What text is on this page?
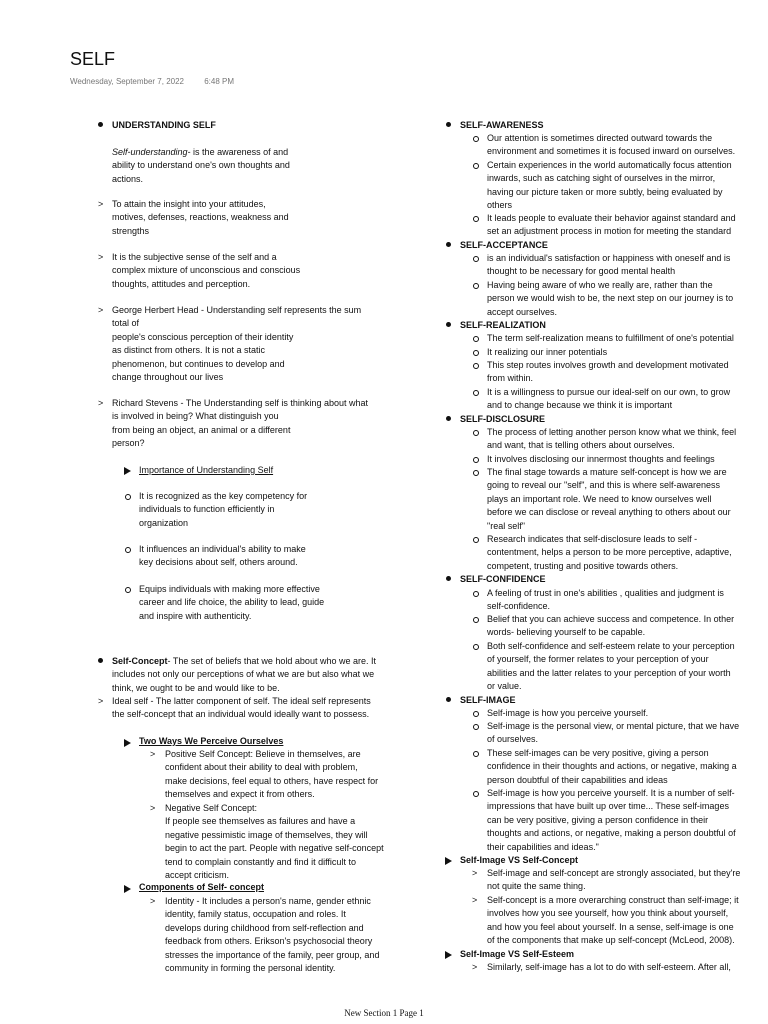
SELF
Wednesday, September 7, 2022	6:48 PM
UNDERSTANDING SELF
Self-understanding - is the awareness of and
ability to understand one's own thoughts and
actions.
> To attain the insight into your attitudes,
motives, defenses, reactions, weakness and
strengths
> It is the subjective sense of the self and a
complex mixture of unconscious and conscious
thoughts, attitudes and perception.
> George Herbert Head - Understanding self represents the sum
total of
people's conscious perception of their identity
as distinct from others. It is not a static
phenomenon, but continues to develop and
change throughout our lives
> Richard Stevens - The Understanding self is thinking about what
is involved in being? What distinguish you
from being an object, an animal or a different
person?
Importance of Understanding Self
It is recognized as the key competency for
individuals to function efficiently in
organization
It influences an individual's ability to make
key decisions about self, others around.
Equips individuals with making more effective
career and life choice, the ability to lead, guide
and inspire with authenticity.
Self-Concept - The set of beliefs that we hold about who we are. It
includes not only our perceptions of what we are but also what we
think, we ought to be and would like to be.
> Ideal self - The latter component of self. The ideal self represents
the self-concept that an individual would ideally want to possess.
Two Ways We Perceive Ourselves
> Positive Self Concept: Believe in themselves, are
confident about their ability to deal with problem,
make decisions, feel equal to others, have respect for
themselves and expect it from others.
> Negative Self Concept:
If people see themselves as failures and have a
negative pessimistic image of themselves, they will
begin to act the part. People with negative self-concept
tend to complain constantly and find it difficult to
accept criticism.
Components of Self- concept
> Identity - It includes a person's name, gender ethnic
identity, family status, occupation and roles. It
develops during childhood from self-reflection and
feedback from others. Erikson's psychosocial theory
stresses the importance of the family, peer group, and
community in forming the personal identity.
SELF-AWARENESS
Our attention is sometimes directed outward towards the
environment and sometimes it is focused inward on ourselves.
Certain experiences in the world automatically focus attention
inwards, such as catching sight of ourselves in the mirror,
having our picture taken or more subtly, being evaluated by
others
It leads people to evaluate their behavior against standard and
set an adjustment process in motion for meeting the standard
SELF-ACCEPTANCE
is an individual's satisfaction or happiness with oneself and is
thought to be necessary for good mental health
Having being aware of who we really are, rather than the
person we would wish to be, the next step on our journey is to
accept ourselves.
SELF-REALIZATION
The term self-realization means to fulfillment of one's potential
It realizing our inner potentials
This step routes involves growth and development motivated
from within.
It is a willingness to pursue our ideal-self on our own, to grow
and to change because we think it is important
SELF-DISCLOSURE
The process of letting another person know what we think, feel
and want, that is telling others about ourselves.
It involves disclosing our innermost thoughts and feelings
The final stage towards a mature self-concept is how we are
going to reveal our "self", and this is where self-awareness
plays an important role. We need to know ourselves well
before we can disclose or reveal anything to others about our
"real self"
Research indicates that self-disclosure leads to self -
contentment, helps a person to be more perceptive, adaptive,
competent, trusting and positive towards others.
SELF-CONFIDENCE
A feeling of trust in one's abilities , qualities and judgment is
self-confidence.
Belief that you can achieve success and competence. In other
words- believing yourself to be capable.
Both self-confidence and self-esteem relate to your perception
of yourself, the former relates to your perception of your
abilities and the latter relates to your perception of your worth
or value.
SELF-IMAGE
Self-image is how you perceive yourself.
Self-image is the personal view, or mental picture, that we have
of ourselves.
These self-images can be very positive, giving a person
confidence in their thoughts and actions, or negative, making a
person doubtful of their capabilities and ideas
Self-image is how you perceive yourself. It is a number of self-
impressions that have built up over time... These self-images
can be very positive, giving a person confidence in their
thoughts and actions, or negative, making a person doubtful of
their capabilities and ideas."
Self-Image VS Self-Concept
> Self-image and self-concept are strongly associated, but they're
not quite the same thing.
> Self-concept is a more overarching construct than self-image; it
involves how you see yourself, how you think about yourself,
and how you feel about yourself. In a sense, self-image is one
of the components that make up self-concept (McLeod, 2008).
Self-Image VS Self-Esteem
> Similarly, self-image has a lot to do with self-esteem. After all,
New Section 1 Page 1
